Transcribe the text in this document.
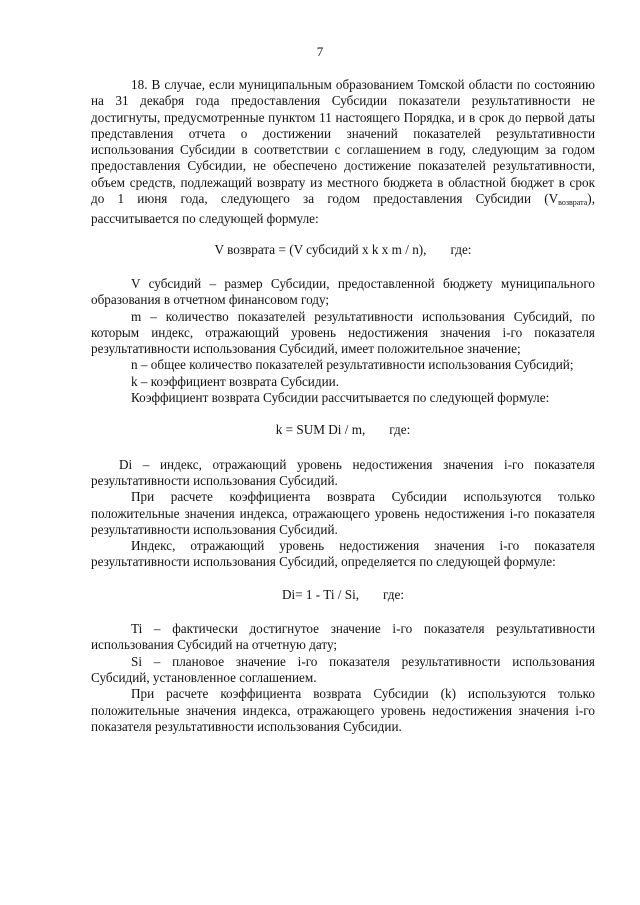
7

18. В случае, если муниципальным образованием Томской области по состоянию на 31 декабря года предоставления Субсидии показатели результативности не достигнуты, предусмотренные пунктом 11 настоящего Порядка, и в срок до первой даты представления отчета о достижении значений показателей результативности использования Субсидии в соответствии с соглашением в году, следующим за годом предоставления Субсидии, не обеспечено достижение показателей результативности, объем средств, подлежащий возврату из местного бюджета в областной бюджет в срок до 1 июня года, следующего за годом предоставления Субсидии $(V_{возврата})$, рассчитывается по следующей формуле:

V возврата = (V субсидий x k x m / n), где:

V субсидий – размер Субсидии, предоставленной бюджету муниципального образования в отчетном финансовом году;

m – количество показателей результативности использования Субсидий, по которым индекс, отражающий уровень недостижения значения i-го показателя результативности использования Субсидий, имеет положительное значение;

n – общее количество показателей результативности использования Субсидий;

k – коэффициент возврата Субсидии.

Коэффициент возврата Субсидии рассчитывается по следующей формуле:

k = SUM Di / m, где:

Di – индекс, отражающий уровень недостижения значения i-го показателя результативности использования Субсидий.

При расчете коэффициента возврата Субсидии используются только положительные значения индекса, отражающего уровень недостижения i-го показателя результативности использования Субсидий.

Индекс, отражающий уровень недостижения значения i-го показателя результативности использования Субсидий, определяется по следующей формуле:

Di= 1 - Ti / Si, где:

Ti – фактически достигнутое значение i-го показателя результативности использования Субсидий на отчетную дату;

Si – плановое значение i-го показателя результативности использования Субсидий, установленное соглашением.

При расчете коэффициента возврата Субсидии (k) используются только положительные значения индекса, отражающего уровень недостижения значения i-го показателя результативности использования Субсидии.
